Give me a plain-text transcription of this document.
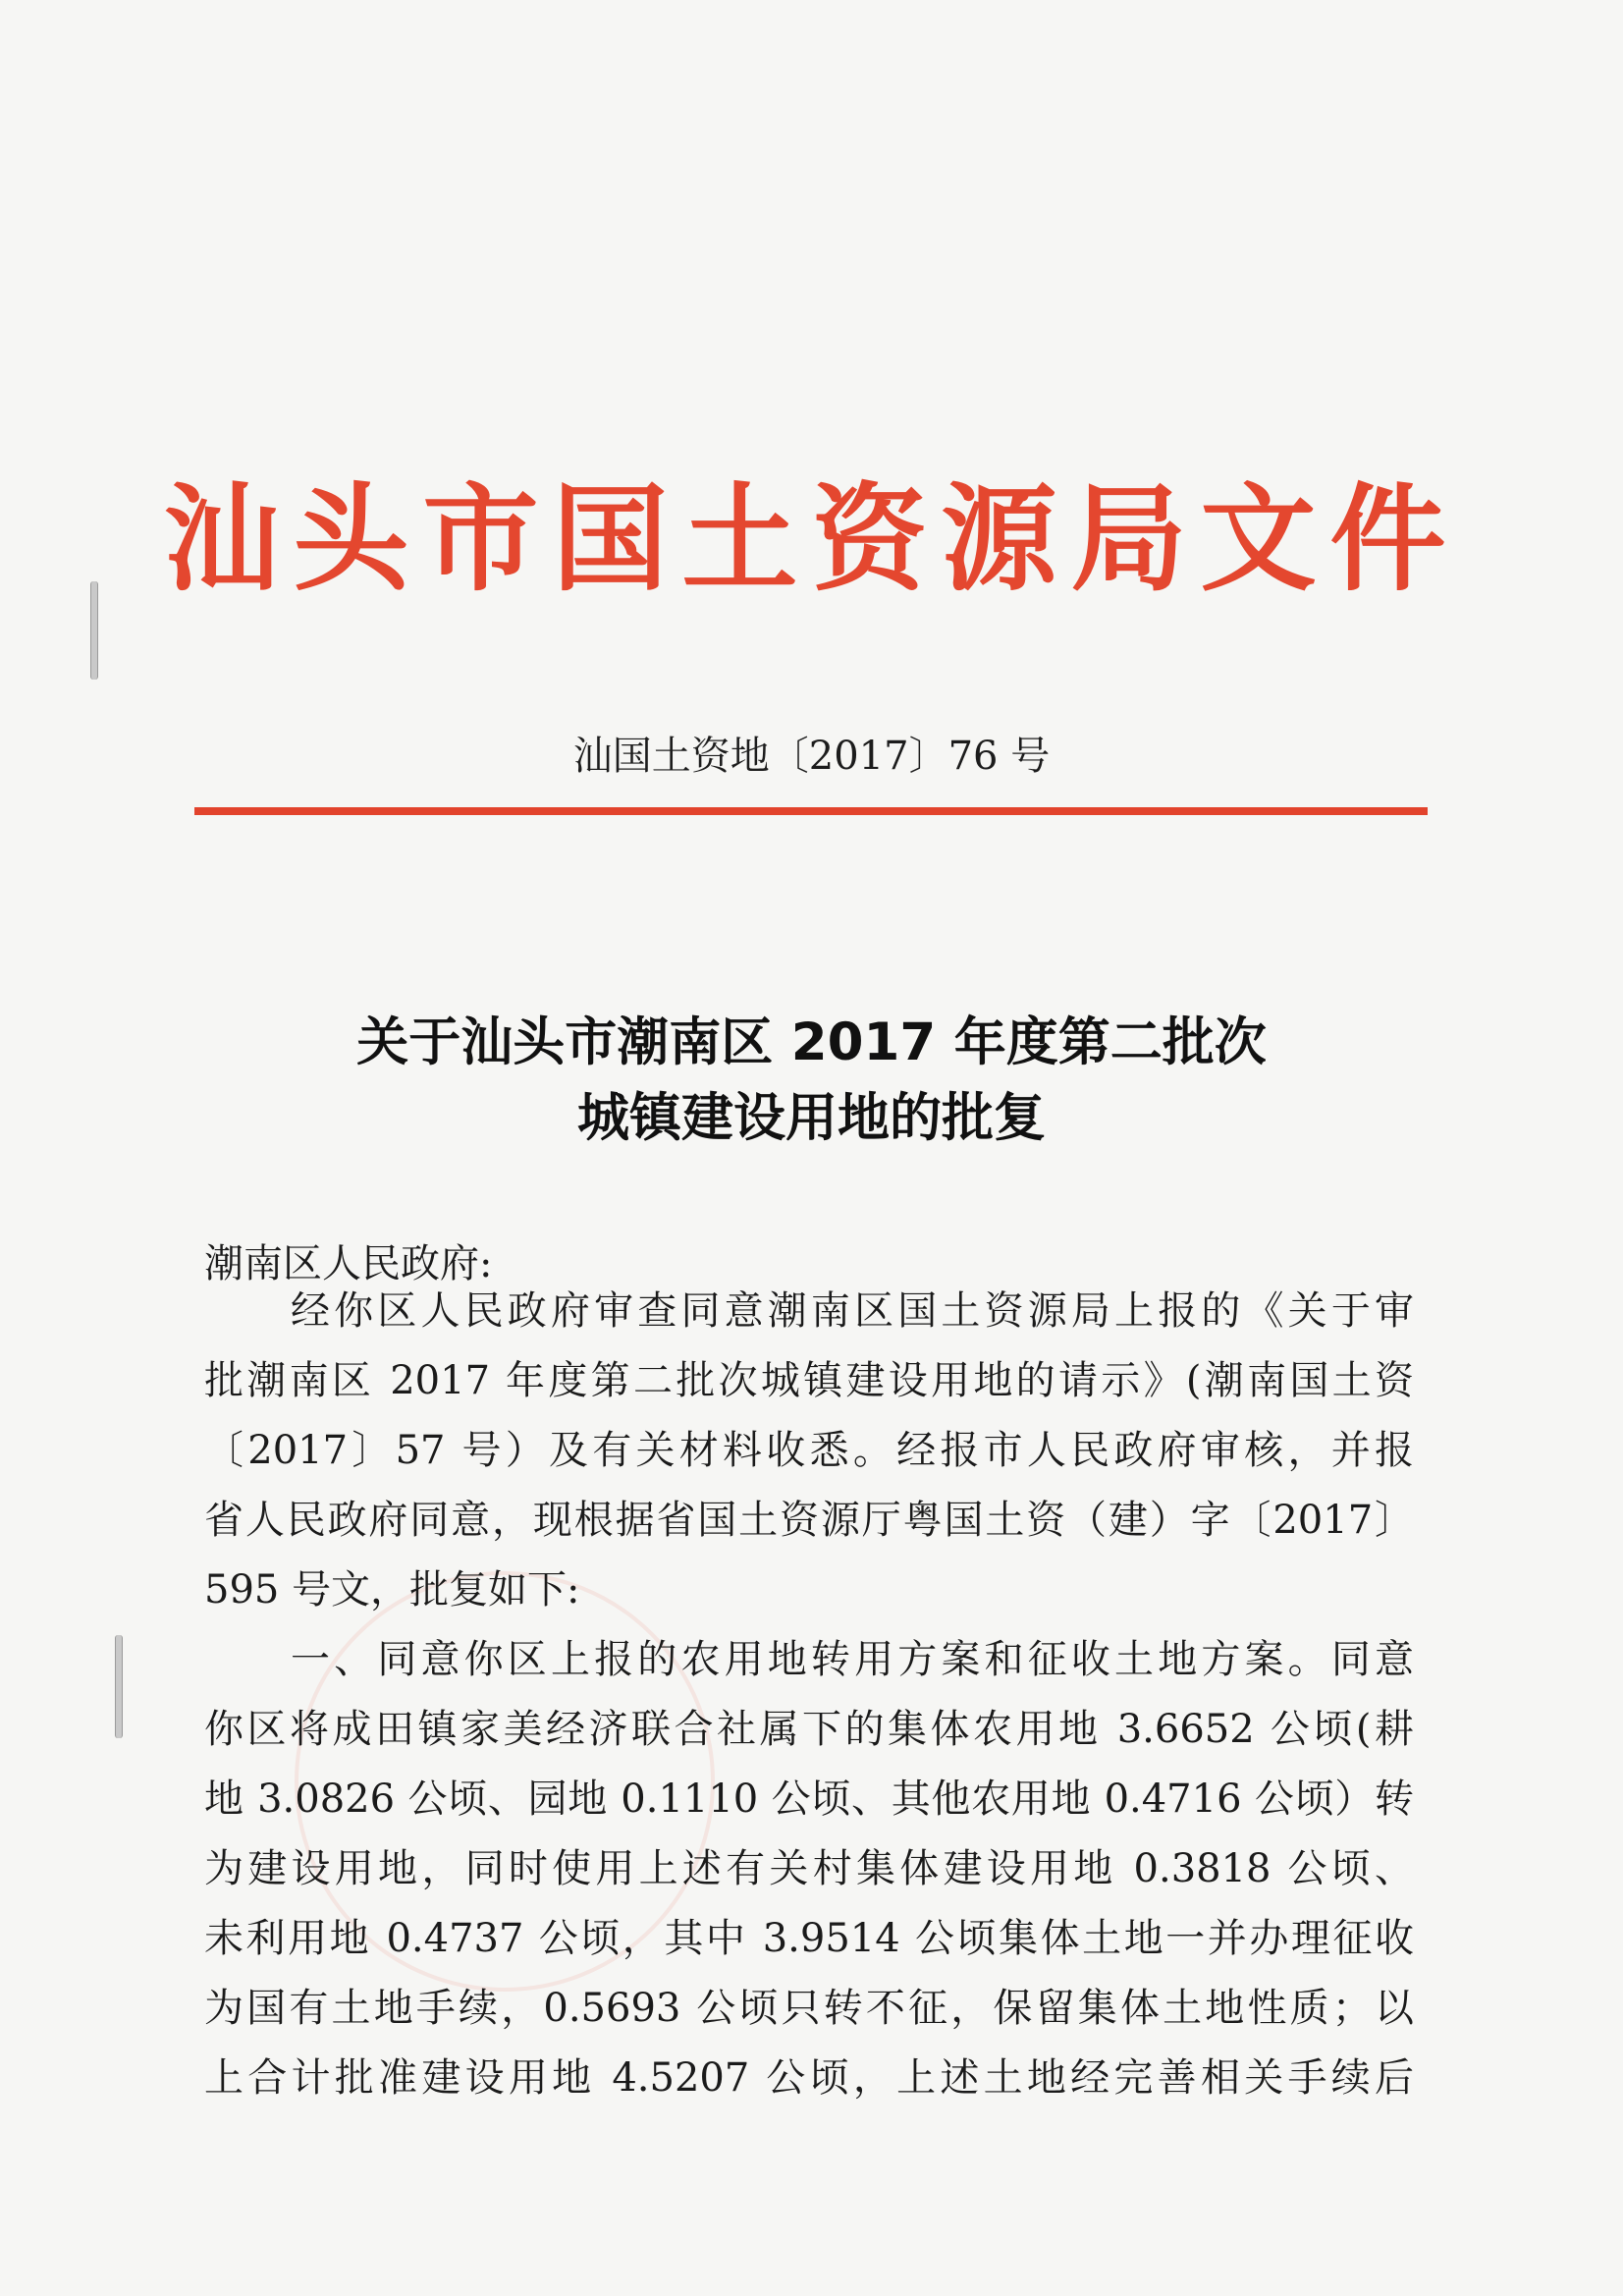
汕头市国土资源局文件
汕国土资地〔2017〕76 号
关于汕头市潮南区 2017 年度第二批次
城镇建设用地的批复
潮南区人民政府:

经你区人民政府审查同意潮南区国土资源局上报的《关于审
批潮南区 2017 年度第二批次城镇建设用地的请示》(潮南国土资
〔2017〕57 号）及有关材料收悉。经报市人民政府审核，并报
省人民政府同意，现根据省国土资源厅粤国土资（建）字〔2017〕
595 号文，批复如下:

一、同意你区上报的农用地转用方案和征收土地方案。同意
你区将成田镇家美经济联合社属下的集体农用地 3.6652 公顷(耕
地 3.0826 公顷、园地 0.1110 公顷、其他农用地 0.4716 公顷）转
为建设用地，同时使用上述有关村集体建设用地 0.3818 公顷、
未利用地 0.4737 公顷，其中 3.9514 公顷集体土地一并办理征收
为国有土地手续，0.5693 公顷只转不征，保留集体土地性质；以
上合计批准建设用地 4.5207 公顷，上述土地经完善相关手续后
